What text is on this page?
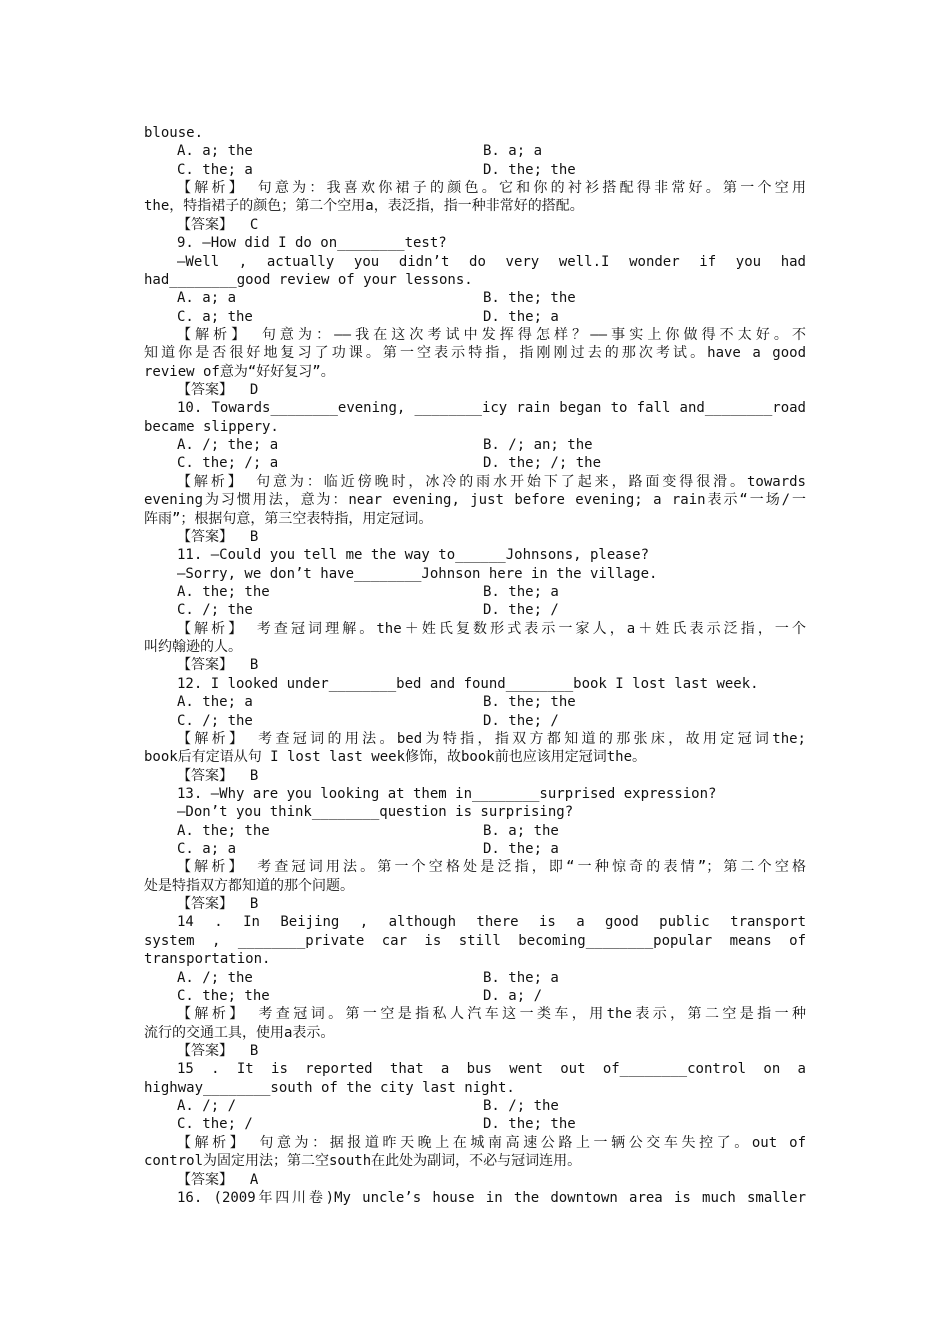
blouse.
A. a; the	B. a; a
C. the; a	D. the; the
【解析】 句意为：我喜欢你裙子的颜色。它和你的衬衫搭配得非常好。第一个空用
the，特指裙子的颜色；第二个空用a，表泛指，指一种非常好的搭配。
【答案】  C
9. —How did I do on________test?
—Well , actually you didn’t do very well.I wonder if you had
had________good review of your lessons.
A. a; a	B. the; the
C. a; the	D. the; a
【解析】 句意为：——我在这次考试中发挥得怎样？——事实上你做得不太好。不
知道你是否很好地复习了功课。第一空表示特指，指刚刚过去的那次考试。have a good
review of意为“好好复习”。
【答案】  D
10. Towards________evening, ________icy rain began to fall and________road
became slippery.
A. /; the; a	B. /; an; the
C. the; /; a	D. the; /; the
【解析】 句意为：临近傍晚时，冰冷的雨水开始下了起来，路面变得很滑。towards
evening为习惯用法，意为：near evening, just before evening; a rain表示“一场/一
阵雨”；根据句意，第三空表特指，用定冠词。
【答案】  B
11. —Could you tell me the way to______Johnsons, please?
—Sorry, we don’t have________Johnson here in the village.
A. the; the	B. the; a
C. /; the	D. the; /
【解析】 考查冠词理解。the＋姓氏复数形式表示一家人，a＋姓氏表示泛指，一个
叫约翰逊的人。
【答案】  B
12. I looked under________bed and found________book I lost last week.
A. the; a	B. the; the
C. /; the	D. the; /
【解析】 考查冠词的用法。bed为特指，指双方都知道的那张床，故用定冠词the;
book后有定语从句 I lost last week修饰，故book前也应该用定冠词the。
【答案】  B
13. —Why are you looking at them in________surprised expression?
—Don’t you think________question is surprising?
A. the; the	B. a; the
C. a; a	D. the; a
【解析】 考查冠词用法。第一个空格处是泛指，即“一种惊奇的表情”；第二个空格
处是特指双方都知道的那个问题。
【答案】  B
14 . In Beijing , although there is a good public transport
system , ________private car is still becoming________popular means of
transportation.
A. /; the	B. the; a
C. the; the	D. a; /
【解析】 考查冠词。第一空是指私人汽车这一类车，用the表示，第二空是指一种
流行的交通工具，使用a表示。
【答案】  B
15 . It is reported that a bus went out of________control on a
highway________south of the city last night.
A. /; /	B. /; the
C. the; /	D. the; the
【解析】 句意为：据报道昨天晚上在城南高速公路上一辆公交车失控了。out of
control为固定用法；第二空south在此处为副词，不必与冠词连用。
【答案】  A
16. (2009年四川卷)My uncle’s house in the downtown area is much smaller
